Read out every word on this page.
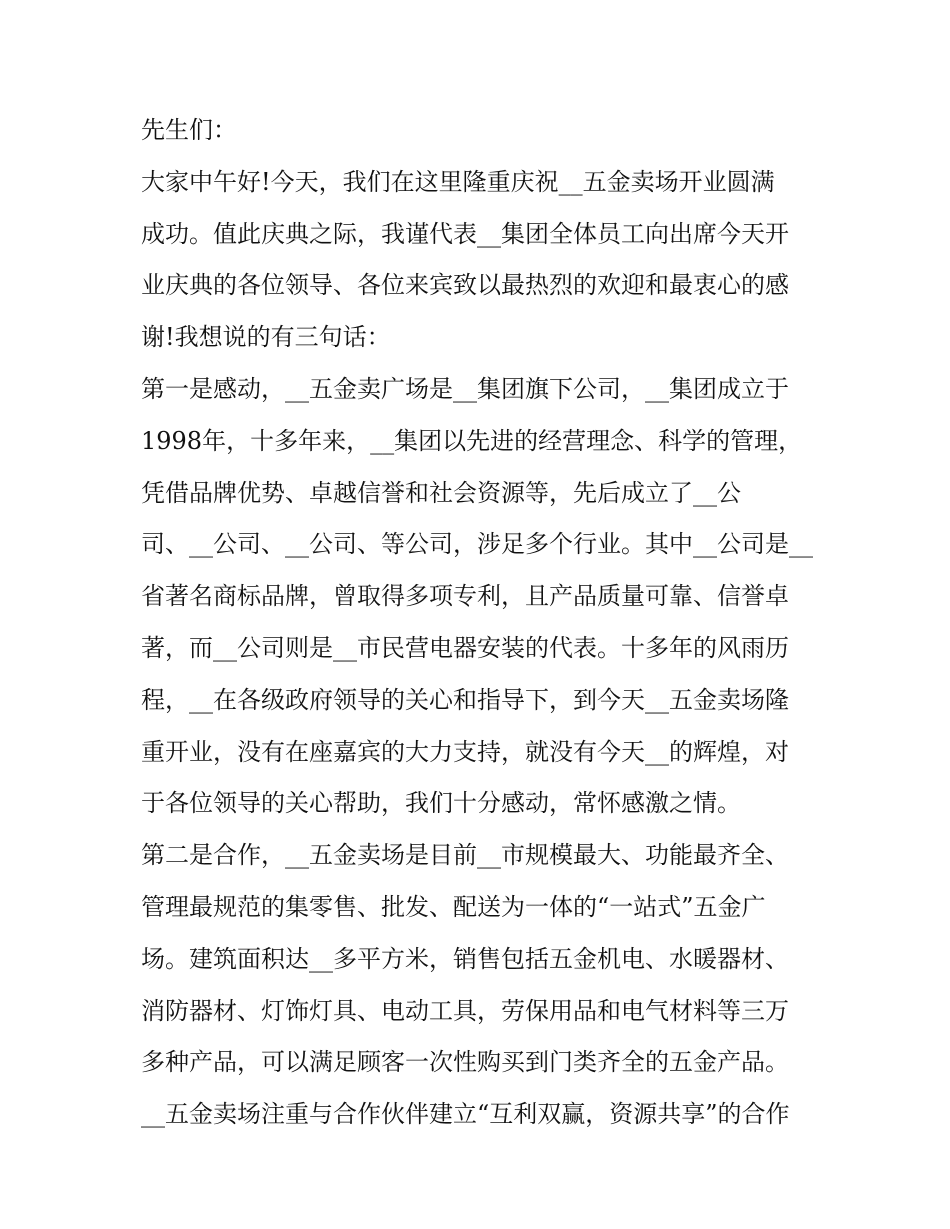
先生们：
大家中午好!今天，我们在这里隆重庆祝__五金卖场开业圆满
成功。值此庆典之际，我谨代表__集团全体员工向出席今天开
业庆典的各位领导、各位来宾致以最热烈的欢迎和最衷心的感
谢!我想说的有三句话：
第一是感动，__五金卖广场是__集团旗下公司，__集团成立于
1998年，十多年来，__集团以先进的经营理念、科学的管理，
凭借品牌优势、卓越信誉和社会资源等，先后成立了__公
司、__公司、__公司、等公司，涉足多个行业。其中__公司是__
省著名商标品牌，曾取得多项专利，且产品质量可靠、信誉卓
著，而__公司则是__市民营电器安装的代表。十多年的风雨历
程，__在各级政府领导的关心和指导下，到今天__五金卖场隆
重开业，没有在座嘉宾的大力支持，就没有今天__的辉煌，对
于各位领导的关心帮助，我们十分感动，常怀感激之情。
第二是合作，__五金卖场是目前__市规模最大、功能最齐全、
管理最规范的集零售、批发、配送为一体的“一站式”五金广
场。建筑面积达__多平方米，销售包括五金机电、水暖器材、
消防器材、灯饰灯具、电动工具，劳保用品和电气材料等三万
多种产品，可以满足顾客一次性购买到门类齐全的五金产品。
__五金卖场注重与合作伙伴建立“互利双赢，资源共享”的合作
